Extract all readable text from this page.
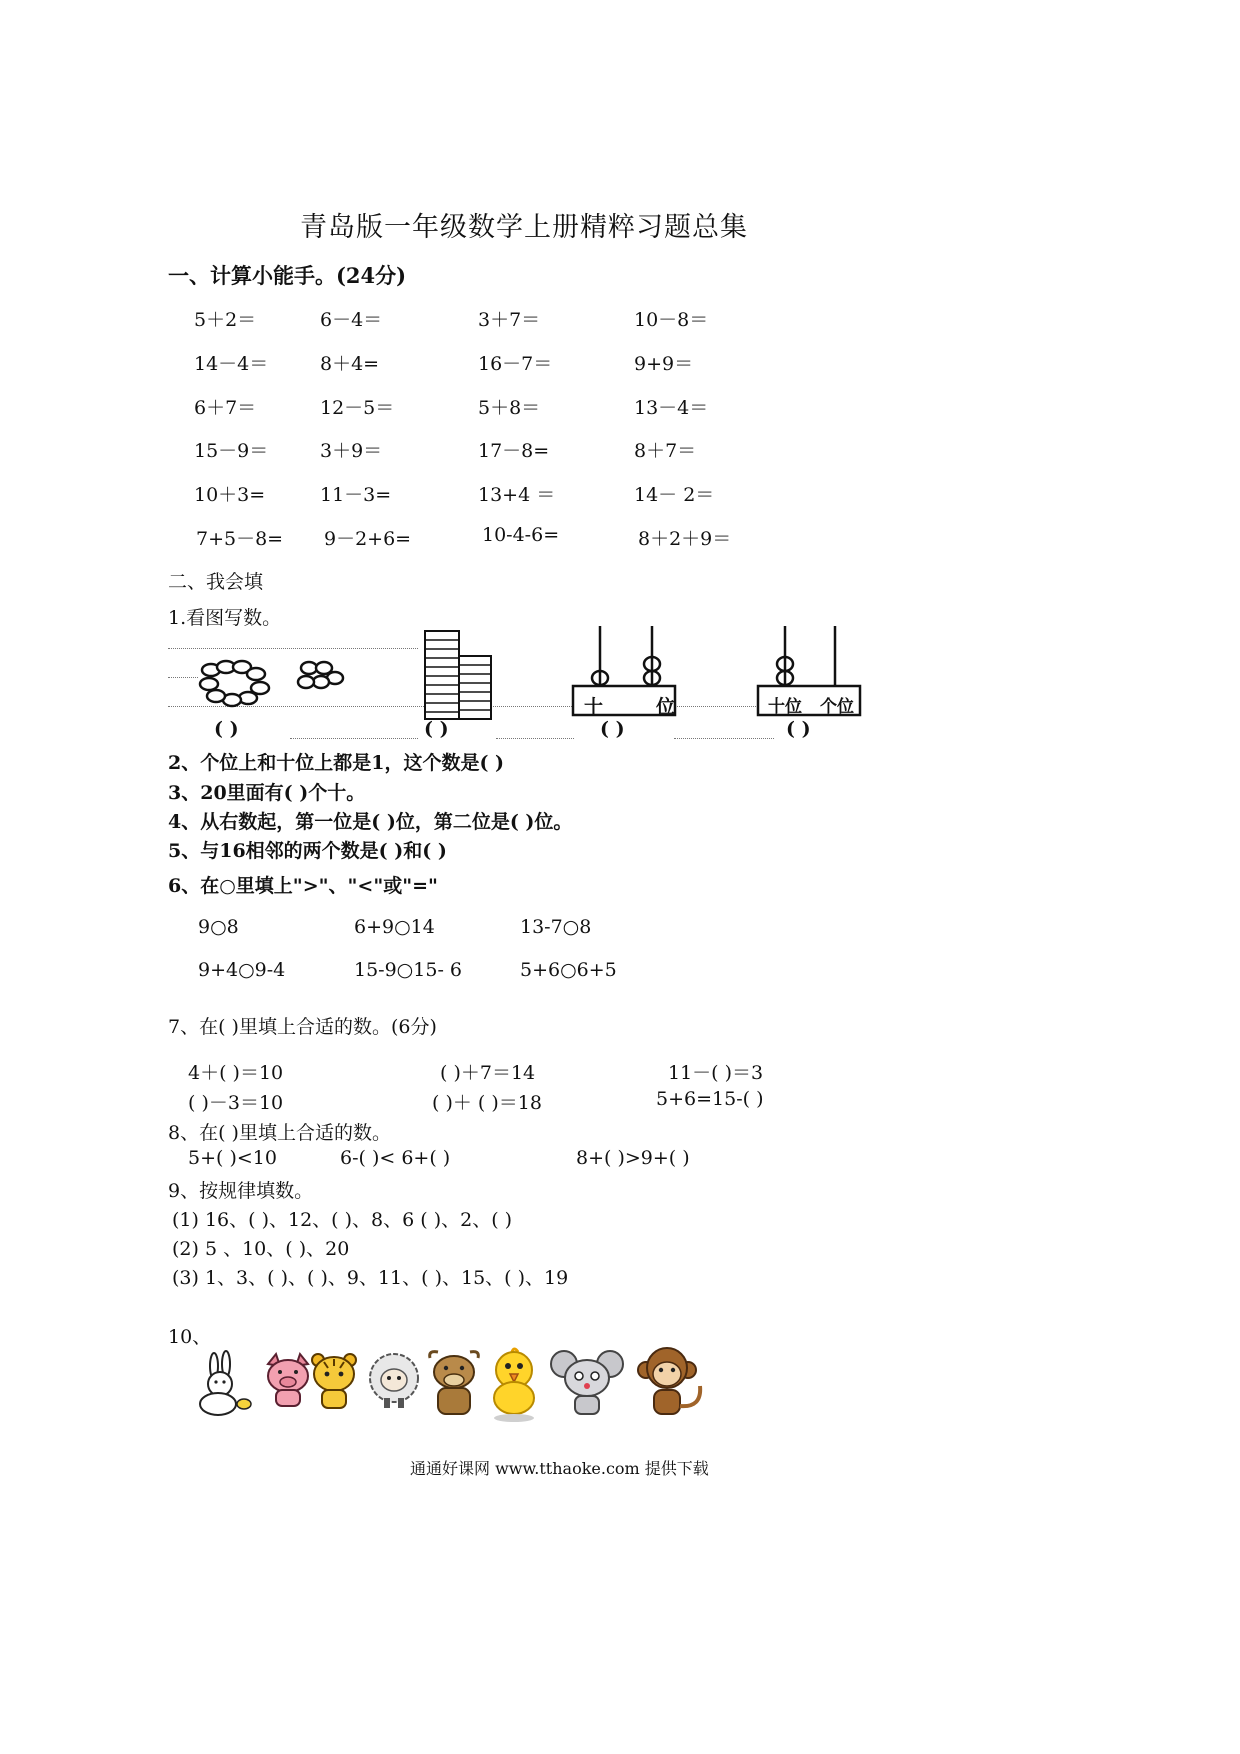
青岛版一年级数学上册精粹习题总集
一、计算小能手。(24分)
5＋2＝	6－4＝	3＋7＝	10－8＝
14－4＝	8＋4=	16－7＝	9+9＝
6＋7＝	12－5＝	5＋8＝	13－4＝
15－9＝	3＋9＝	17－8=	8＋7＝
10＋3=	11－3=	13+4 ＝	14－ 2＝
7+5－8= 9－2+6=	10-4-6=	8＋2＋9＝
二、我会填
1.看图写数。
十	位	十位 个位
( )	( )	( )	( )
2、个位上和十位上都是1，这个数是( )
3、20里面有( )个十。
4、从右数起，第一位是( )位，第二位是( )位。
5、与16相邻的两个数是( )和( )
6、在○里填上">"、"<"或"="
9○8	6+9○14	13-7○8
9+4○9-4	15-9○15- 6	5+6○6+5
7、在( )里填上合适的数。(6分)
4＋( )＝10	( )＋7＝14	11－( )＝3
( )－3＝10	( )＋ ( )＝18	5+6=15-( )
8、在( )里填上合适的数。
5+( )<10	6-( )< 6+( )	8+( )>9+( )
9、按规律填数。
(1) 16、( )、12、( )、8、6 ( )、2、( )
(2) 5 、10、( )、20
(3) 1、3、( )、( )、9、11、( )、15、( )、19
10、
通通好课网 www.tthaoke.com 提供下载
